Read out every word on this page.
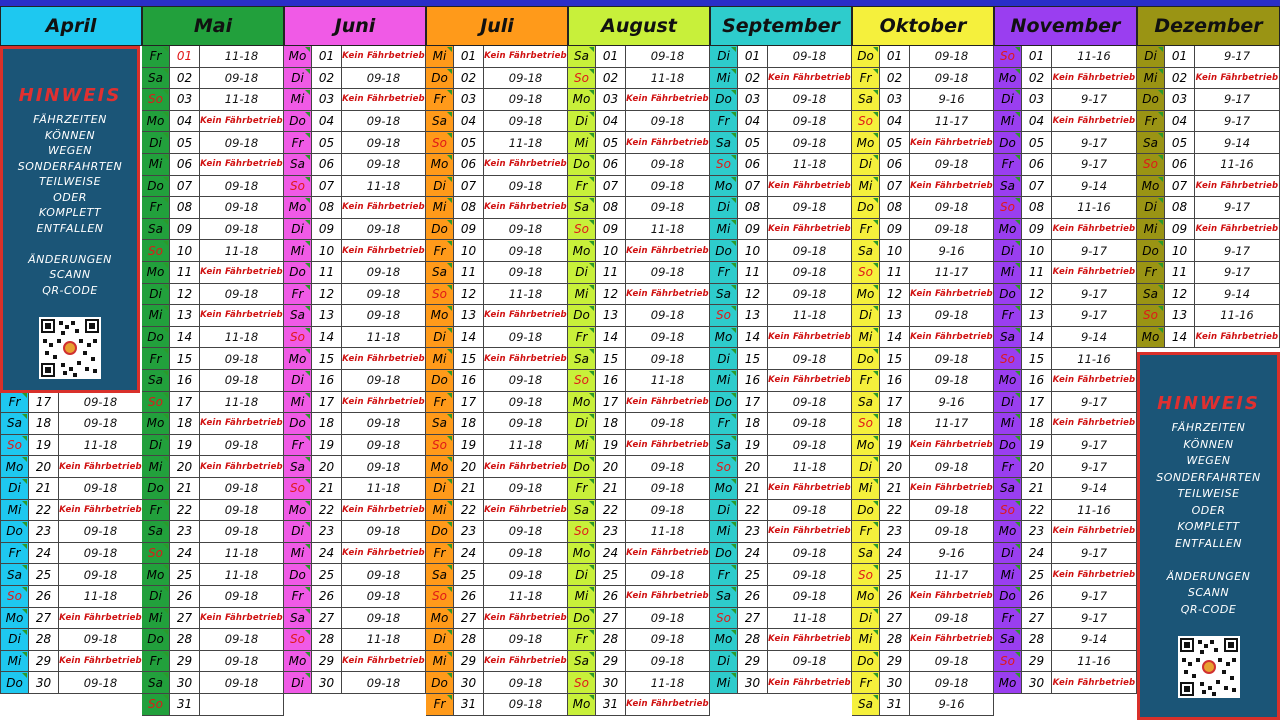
April
Fr	17	09-18
Sa	18	09-18
So	19	11-18
Mo	20 Kein Fährbetrieb
Di	21	09-18
Mi	22 Kein Fährbetrieb
Do	23	09-18
Fr	24	09-18
Sa	25	09-18
So	26	11-18
Mo	27 Kein Fährbetrieb
Di	28	09-18
Mi	29 Kein Fährbetrieb
Do	30	09-18
Mai
Fr	01	11-18
Sa	02	09-18
So	03	11-18
Mo	04 Kein Fährbetrieb
Di	05	09-18
Mi	06 Kein Fährbetrieb
Do	07	09-18
Fr	08	09-18
Sa	09	09-18
So	10	11-18
Mo	11 Kein Fährbetrieb
Di	12	09-18
Mi	13 Kein Fährbetrieb
Do	14	11-18
Fr	15	09-18
Sa	16	09-18
So	17	11-18
Mo	18 Kein Fährbetrieb
Di	19	09-18
Mi	20 Kein Fährbetrieb
Do	21	09-18
Fr	22	09-18
Sa	23	09-18
So	24	11-18
Mo	25	11-18
Di	26	09-18
Mi	27 Kein Fährbetrieb
Do	28	09-18
Fr	29	09-18
Sa	30	09-18
So	31
Juni
Mo	01 Kein Fährbetrieb
Di	02	09-18
Mi	03 Kein Fährbetrieb
Do	04	09-18
Fr	05	09-18
Sa	06	09-18
So	07	11-18
Mo	08 Kein Fährbetrieb
Di	09	09-18
Mi	10 Kein Fährbetrieb
Do	11	09-18
Fr	12	09-18
Sa	13	09-18
So	14	11-18
Mo	15 Kein Fährbetrieb
Di	16	09-18
Mi	17 Kein Fährbetrieb
Do	18	09-18
Fr	19	09-18
Sa	20	09-18
So	21	11-18
Mo	22 Kein Fährbetrieb
Di	23	09-18
Mi	24 Kein Fährbetrieb
Do	25	09-18
Fr	26	09-18
Sa	27	09-18
So	28	11-18
Mo	29 Kein Fährbetrieb
Di	30	09-18
Juli
Mi	01 Kein Fährbetrieb
Do	02	09-18
Fr	03	09-18
Sa	04	09-18
So	05	11-18
Mo	06 Kein Fährbetrieb
Di	07	09-18
Mi	08 Kein Fährbetrieb
Do	09	09-18
Fr	10	09-18
Sa	11	09-18
So	12	11-18
Mo	13 Kein Fährbetrieb
Di	14	09-18
Mi	15 Kein Fährbetrieb
Do	16	09-18
Fr	17	09-18
Sa	18	09-18
So	19	11-18
Mo	20 Kein Fährbetrieb
Di	21	09-18
Mi	22 Kein Fährbetrieb
Do	23	09-18
Fr	24	09-18
Sa	25	09-18
So	26	11-18
Mo	27 Kein Fährbetrieb
Di	28	09-18
Mi	29 Kein Fährbetrieb
Do	30	09-18
Fr	31	09-18
August
Sa	01	09-18
So	02	11-18
Mo	03 Kein Fährbetrieb
Di	04	09-18
Mi	05 Kein Fährbetrieb
Do	06	09-18
Fr	07	09-18
Sa	08	09-18
So	09	11-18
Mo	10 Kein Fährbetrieb
Di	11	09-18
Mi	12 Kein Fährbetrieb
Do	13	09-18
Fr	14	09-18
Sa	15	09-18
So	16	11-18
Mo	17 Kein Fährbetrieb
Di	18	09-18
Mi	19 Kein Fährbetrieb
Do	20	09-18
Fr	21	09-18
Sa	22	09-18
So	23	11-18
Mo	24 Kein Fährbetrieb
Di	25	09-18
Mi	26 Kein Fährbetrieb
Do	27	09-18
Fr	28	09-18
Sa	29	09-18
So	30	11-18
Mo	31 Kein Fährbetrieb
September
Di	01	09-18
Mi	02 Kein Fährbetrieb
Do	03	09-18
Fr	04	09-18
Sa	05	09-18
So	06	11-18
Mo	07 Kein Fährbetrieb
Di	08	09-18
Mi	09 Kein Fährbetrieb
Do	10	09-18
Fr	11	09-18
Sa	12	09-18
So	13	11-18
Mo	14 Kein Fährbetrieb
Di	15	09-18
Mi	16 Kein Fährbetrieb
Do	17	09-18
Fr	18	09-18
Sa	19	09-18
So	20	11-18
Mo	21 Kein Fährbetrieb
Di	22	09-18
Mi	23 Kein Fährbetrieb
Do	24	09-18
Fr	25	09-18
Sa	26	09-18
So	27	11-18
Mo	28 Kein Fährbetrieb
Di	29	09-18
Mi	30 Kein Fährbetrieb
Oktober
Do	01	09-18
Fr	02	09-18
Sa	03	9-16
So	04	11-17
Mo	05 Kein Fährbetrieb
Di	06	09-18
Mi	07 Kein Fährbetrieb
Do	08	09-18
Fr	09	09-18
Sa	10	9-16
So	11	11-17
Mo	12 Kein Fährbetrieb
Di	13	09-18
Mi	14 Kein Fährbetrieb
Do	15	09-18
Fr	16	09-18
Sa	17	9-16
So	18	11-17
Mo	19 Kein Fährbetrieb
Di	20	09-18
Mi	21 Kein Fährbetrieb
Do	22	09-18
Fr	23	09-18
Sa	24	9-16
So	25	11-17
Mo	26 Kein Fährbetrieb
Di	27	09-18
Mi	28 Kein Fährbetrieb
Do	29	09-18
Fr	30	09-18
Sa	31	9-16
November
So	01	11-16
Mo	02	Kein Fährbetrieb
Di	03	9-17
Mi	04	Kein Fährbetrieb
Do	05	9-17
Fr	06	9-17
Sa	07	9-14
So	08	11-16
Mo	09	Kein Fährbetrieb
Di	10	9-17
Mi	11	Kein Fährbetrieb
Do	12	9-17
Fr	13	9-17
Sa	14	9-14
So	15	11-16
Mo	16	Kein Fährbetrieb
Di	17	9-17
Mi	18	Kein Fährbetrieb
Do	19	9-17
Fr	20	9-17
Sa	21	9-14
So	22	11-16
Mo	23	Kein Fährbetrieb
Di	24	9-17
Mi	25	Kein Fährbetrieb
Do	26	9-17
Fr	27	9-17
Sa	28	9-14
So	29	11-16
Mo	30	Kein Fährbetrieb
Dezember
Di	01	9-17
Mi	02	Kein Fährbetrieb
Do	03	9-17
Fr	04	9-17
Sa	05	9-14
So	06	11-16
Mo	07	Kein Fährbetrieb
Di	08	9-17
Mi	09	Kein Fährbetrieb
Do	10	9-17
Fr	11	9-17
Sa	12	9-14
So	13	11-16
Mo	14	Kein Fährbetrieb
HINWEIS
FÄHRZEITEN
KÖNNEN
WEGEN
SONDERFAHRTEN
TEILWEISE
ODER
KOMPLETT
ENTFALLEN

ÄNDERUNGEN
SCANN
QR-CODE
HINWEIS
FÄHRZEITEN
KÖNNEN
WEGEN
SONDERFAHRTEN
TEILWEISE
ODER
KOMPLETT
ENTFALLEN

ÄNDERUNGEN
SCANN
QR-CODE
